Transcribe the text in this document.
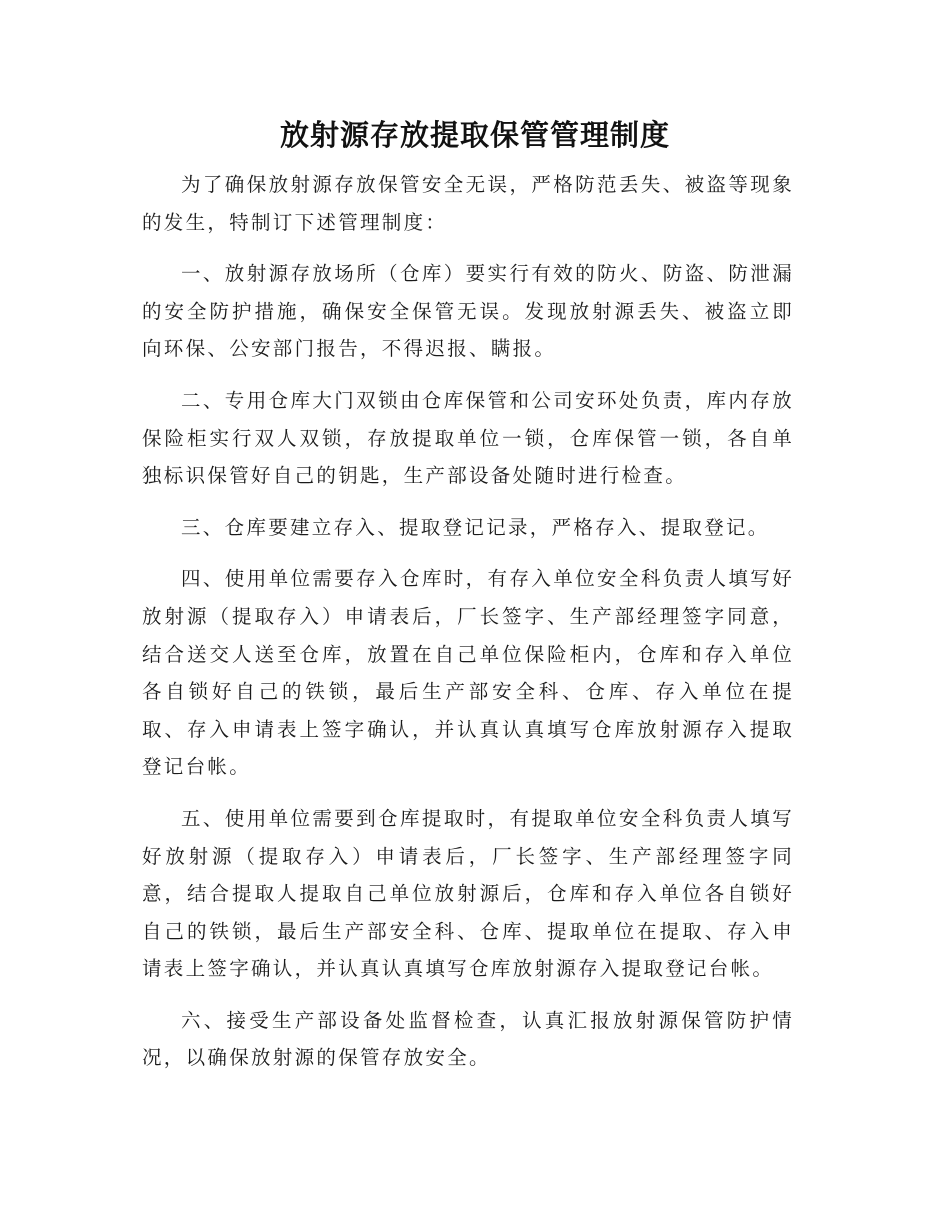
放射源存放提取保管管理制度

为了确保放射源存放保管安全无误，严格防范丢失、被盗等现象的发生，特制订下述管理制度：

一、放射源存放场所（仓库）要实行有效的防火、防盗、防泄漏的安全防护措施，确保安全保管无误。发现放射源丢失、被盗立即向环保、公安部门报告，不得迟报、瞒报。

二、专用仓库大门双锁由仓库保管和公司安环处负责，库内存放保险柜实行双人双锁，存放提取单位一锁，仓库保管一锁，各自单独标识保管好自己的钥匙，生产部设备处随时进行检查。

三、仓库要建立存入、提取登记记录，严格存入、提取登记。

四、使用单位需要存入仓库时，有存入单位安全科负责人填写好放射源（提取存入）申请表后，厂长签字、生产部经理签字同意，结合送交人送至仓库，放置在自己单位保险柜内，仓库和存入单位各自锁好自己的铁锁，最后生产部安全科、仓库、存入单位在提取、存入申请表上签字确认，并认真认真填写仓库放射源存入提取登记台帐。

五、使用单位需要到仓库提取时，有提取单位安全科负责人填写好放射源（提取存入）申请表后，厂长签字、生产部经理签字同意，结合提取人提取自己单位放射源后，仓库和存入单位各自锁好自己的铁锁，最后生产部安全科、仓库、提取单位在提取、存入申请表上签字确认，并认真认真填写仓库放射源存入提取登记台帐。

六、接受生产部设备处监督检查，认真汇报放射源保管防护情况，以确保放射源的保管存放安全。
